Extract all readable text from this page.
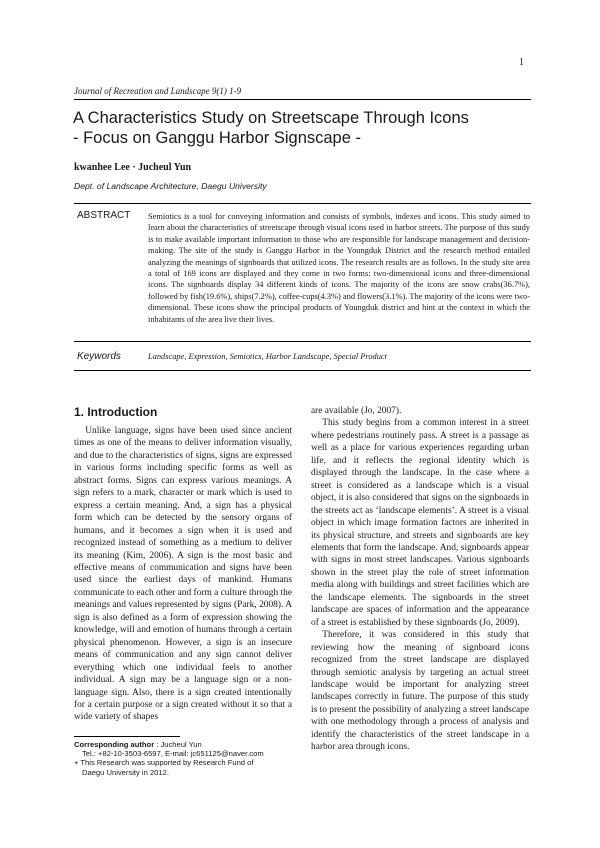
1
Journal of Recreation and Landscape 9(1) 1-9
A Characteristics Study on Streetscape Through Icons
- Focus on Ganggu Harbor Signscape -
kwanhee Lee · Jucheul Yun
Dept. of Landscape Architecture, Daegu University
ABSTRACT Semiotics is a tool for conveying information and consists of symbols, indexes and icons. This study aimed to learn about the characteristics of streetscape through visual icons used in harbor streets. The purpose of this study is to make available important information to those who are responsible for landscape management and decision-making. The site of the study is Ganggu Harbor in the Youngduk District and the research method entailed analyzing the meanings of signboards that utilized icons. The research results are as follows. In the study site area a total of 169 icons are displayed and they come in two forms: two-dimensional icons and three-dimensional icons. The signboards display 34 different kinds of icons. The majority of the icons are snow crabs(36.7%), followed by fish(19.6%), ships(7.2%), coffee-cups(4.3%) and flowers(3.1%). The majority of the icons were two-dimensional. These icons show the principal products of Youngduk district and hint at the context in which the inhabitants of the area live their lives.

Keywords	Landscape, Expression, Semiotics, Harbor Landscape, Special Product
1. Introduction

Unlike language, signs have been used since ancient times as one of the means to deliver information visually, and due to the characteristics of signs, signs are expressed in various forms including specific forms as well as abstract forms. Signs can express various meanings. A sign refers to a mark, character or mark which is used to express a certain meaning. And, a sign has a physical form which can be detected by the sensory organs of humans, and it becomes a sign when it is used and recognized instead of something as a medium to deliver its meaning (Kim, 2006). A sign is the most basic and effective means of communication and signs have been used since the earliest days of mankind. Humans communicate to each other and form a culture through the meanings and values represented by signs (Park, 2008). A sign is also defined as a form of expression showing the knowledge, will and emotion of humans through a certain physical phenomenon. However, a sign is an insecure means of communication and any sign cannot deliver everything which one individual feels to another individual. A sign may be a language sign or a non-language sign. Also, there is a sign created intentionally for a certain purpose or a sign created without it so that a wide variety of shapes

are available (Jo, 2007).

This study begins from a common interest in a street where pedestrians routinely pass. A street is a passage as well as a place for various experiences regarding urban life, and it reflects the regional identity which is displayed through the landscape. In the case where a street is considered as a landscape which is a visual object, it is also considered that signs on the signboards in the streets act as ‘landscape elements’. A street is a visual object in which image formation factors are inherited in its physical structure, and streets and signboards are key elements that form the landscape. And, signboards appear with signs in most street landscapes. Various signboards shown in the street play the role of street information media along with buildings and street facilities which are the landscape elements. The signboards in the street landscape are spaces of information and the appearance of a street is established by these signboards (Jo, 2009).

Therefore, it was considered in this study that reviewing how the meaning of signboard icons recognized from the street landscape are displayed through semiotic analysis by targeting an actual street landscape would be important for analyzing street landscapes correctly in future. The purpose of this study is to present the possibility of analyzing a street landscape with one methodology through a process of analysis and identify the characteristics of the street landscape in a harbor area through icons.

Corresponding author : Jucheul Yun
Tel.: +82-10-3503-6597, E-mail: jc651125@naver.com
+ This Research was supported by Research Fund of
Daegu University in 2012.
